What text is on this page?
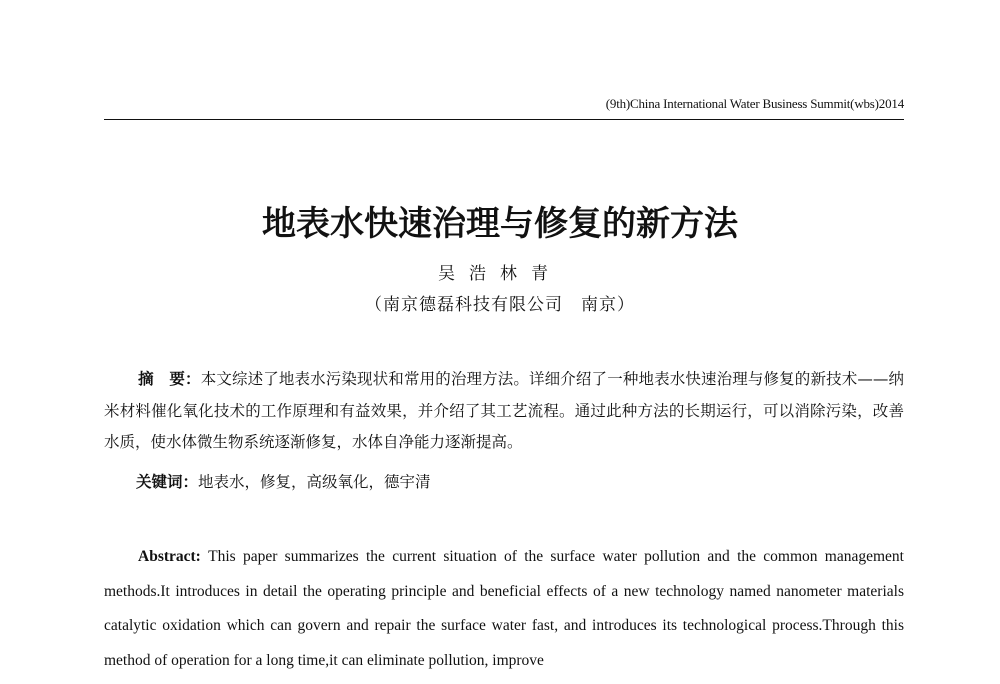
(9th)China International Water Business Summit(wbs)2014
地表水快速治理与修复的新方法
吴浩林青
（南京德磊科技有限公司　南京）
摘　要：本文综述了地表水污染现状和常用的治理方法。详细介绍了一种地表水快速治理与修复的新技术——纳米材料催化氧化技术的工作原理和有益效果，并介绍了其工艺流程。通过此种方法的长期运行，可以消除污染，改善水质，使水体微生物系统逐渐修复，水体自净能力逐渐提高。
关键词：地表水，修复，高级氧化，德宇清
Abstract: This paper summarizes the current situation of the surface water pollution and the common management methods.It introduces in detail the operating principle and beneficial effects of a new technology named nanometer materials catalytic oxidation which can govern and repair the surface water fast, and introduces its technological process.Through this method of operation for a long time,it can eliminate pollution, improve
